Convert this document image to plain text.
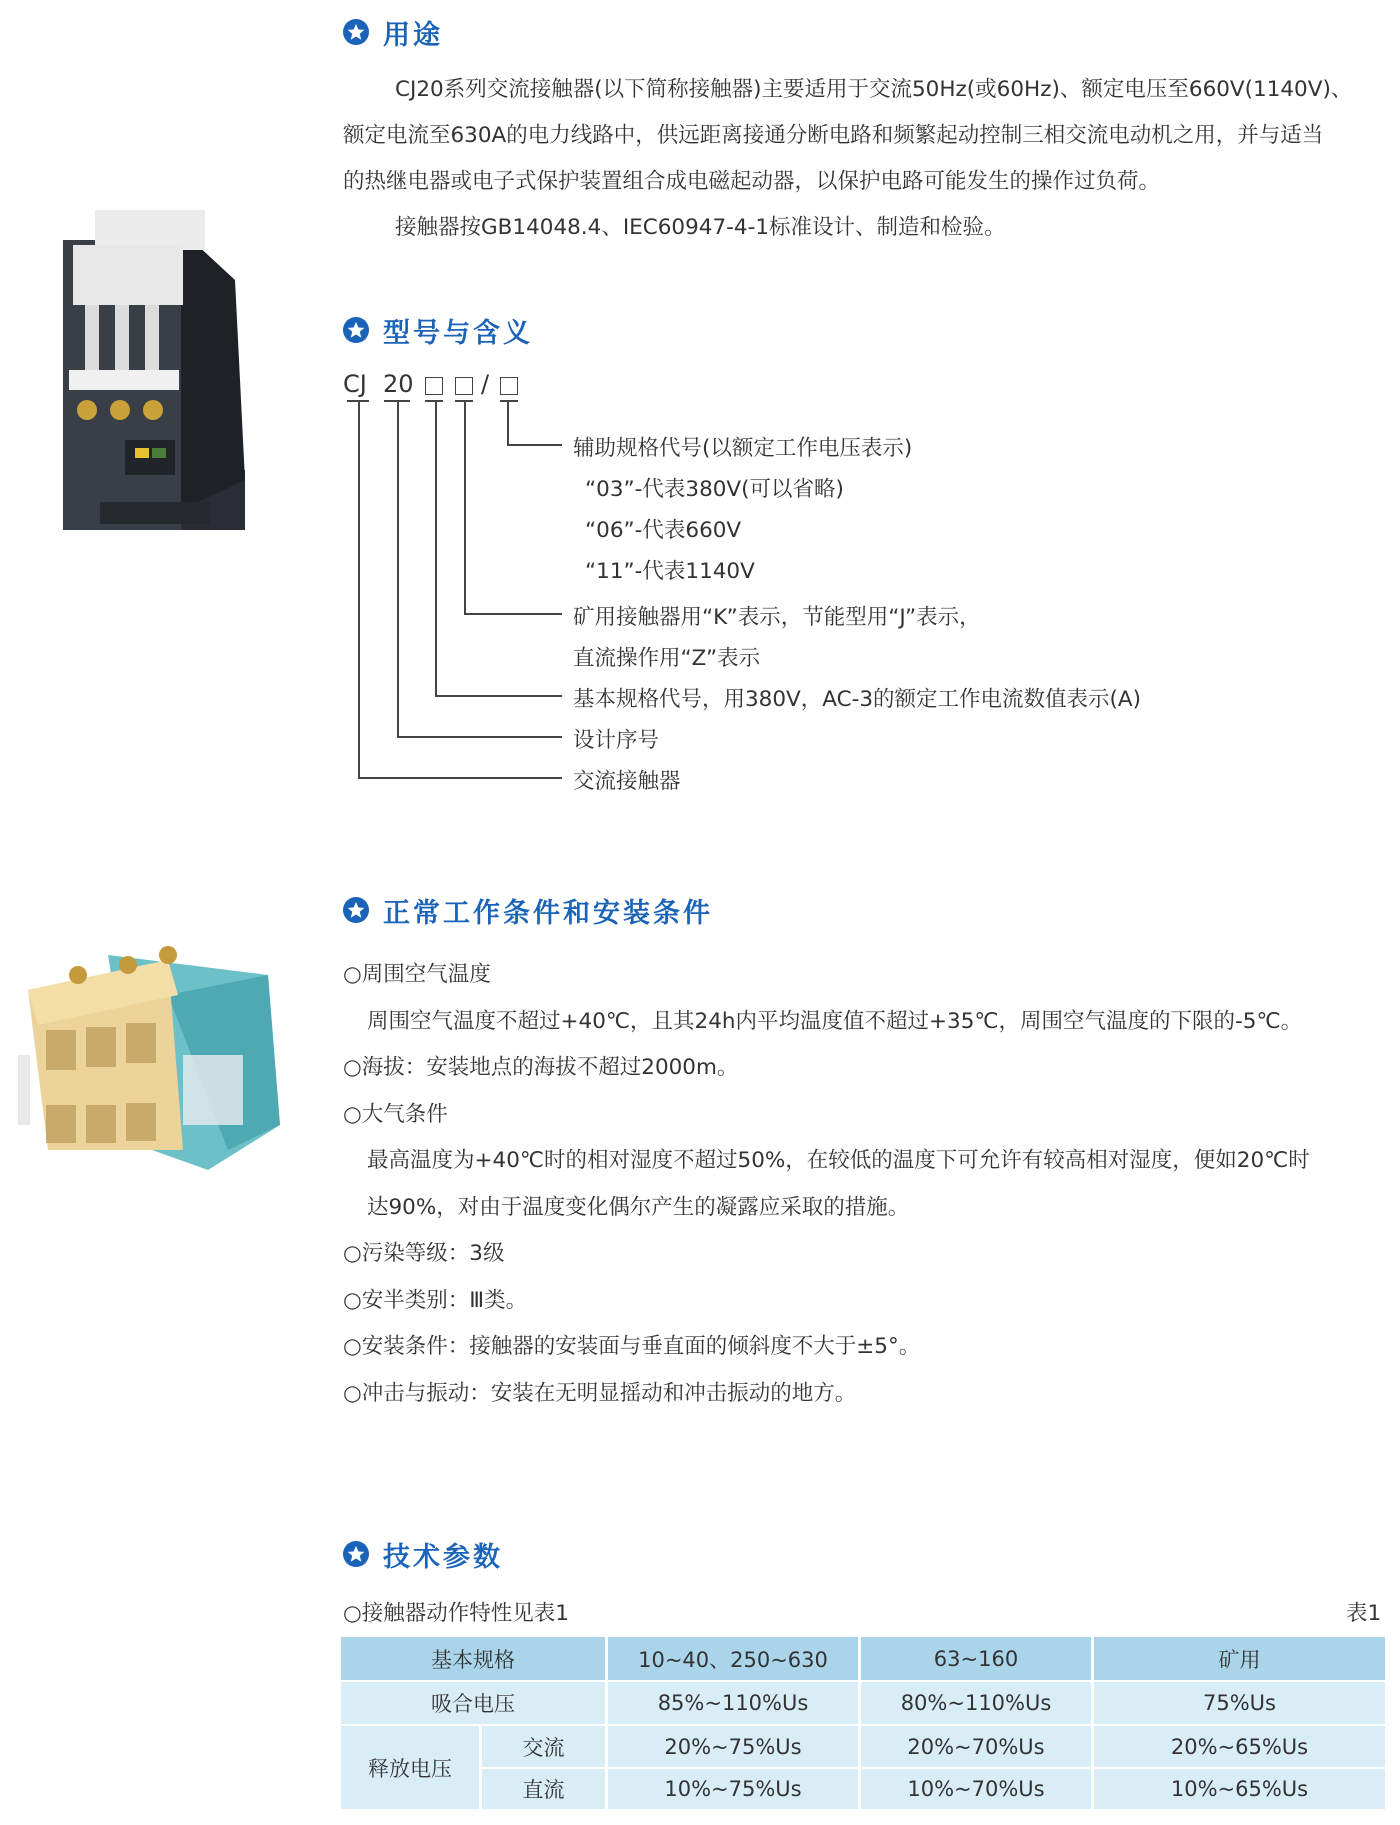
用途
CJ20系列交流接触器(以下简称接触器)主要适用于交流50Hz(或60Hz)、额定电压至660V(1140V)、
额定电流至630A的电力线路中，供远距离接通分断电路和频繁起动控制三相交流电动机之用，并与适当
的热继电器或电子式保护装置组合成电磁起动器，以保护电路可能发生的操作过负荷。
接触器按GB14048.4、IEC60947-4-1标准设计、制造和检验。
型号与含义
CJ 20	/
辅助规格代号(以额定工作电压表示)
“03”-代表380V(可以省略)
“06”-代表660V
“11”-代表1140V
矿用接触器用“K”表示，节能型用“J”表示，
直流操作用“Z”表示
基本规格代号，用380V，AC-3的额定工作电流数值表示(A)
设计序号
交流接触器
正常工作条件和安装条件
○周围空气温度
周围空气温度不超过+40℃，且其24h内平均温度值不超过+35℃，周围空气温度的下限的-5℃。
○海拔：安装地点的海拔不超过2000m。
○大气条件
最高温度为+40℃时的相对湿度不超过50%，在较低的温度下可允许有较高相对湿度，便如20℃时
达90%，对由于温度变化偶尔产生的凝露应采取的措施。
○污染等级：3级
○安半类别：Ⅲ类。
○安装条件：接触器的安装面与垂直面的倾斜度不大于±5°。
○冲击与振动：安装在无明显摇动和冲击振动的地方。
技术参数
○接触器动作特性见表1	表1
基本规格	10~40、250~630	63~160	矿用
吸合电压	85%~110%Us	80%~110%Us	75%Us
释放电压
交流	20%~75%Us	20%~70%Us	20%~65%Us
直流	10%~75%Us	10%~70%Us	10%~65%Us
